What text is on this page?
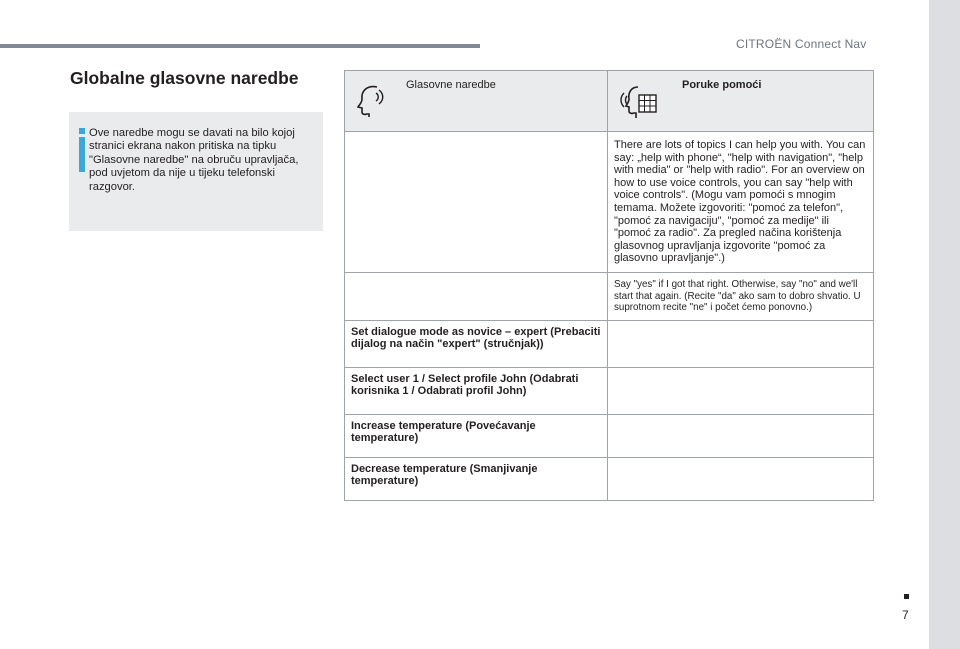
CITROËN Connect Nav
Globalne glasovne naredbe

Ove naredbe mogu se davati na bilo kojoj stranici ekrana nakon pritiska na tipku "Glasovne naredbe" na obruču upravljača, pod uvjetom da nije u tijeku telefonski razgovor.

Glasovne naredbe	Poruke pomoći

	There are lots of topics I can help you with. You can say: „help with phone“, "help with navigation", "help with media" or "help with radio". For an overview on how to use voice controls, you can say "help with voice controls". (Mogu vam pomoći s mnogim temama. Možete izgovoriti: "pomoć za telefon", "pomoć za navigaciju", "pomoć za medije" ili "pomoć za radio". Za pregled načina korištenja glasovnog upravljanja izgovorite "pomoć za glasovno upravljanje".)
	Say "yes" if I got that right. Otherwise, say "no" and we'll start that again. (Recite "da" ako sam to dobro shvatio. U suprotnom recite "ne" i počet ćemo ponovno.)
Set dialogue mode as novice – expert (Prebaciti dijalog na način "expert" (stručnjak))	
Select user 1 / Select profile John (Odabrati korisnika 1 / Odabrati profil John)	
Increase temperature (Povećavanje temperature)	
Decrease temperature (Smanjivanje temperature)	
7
